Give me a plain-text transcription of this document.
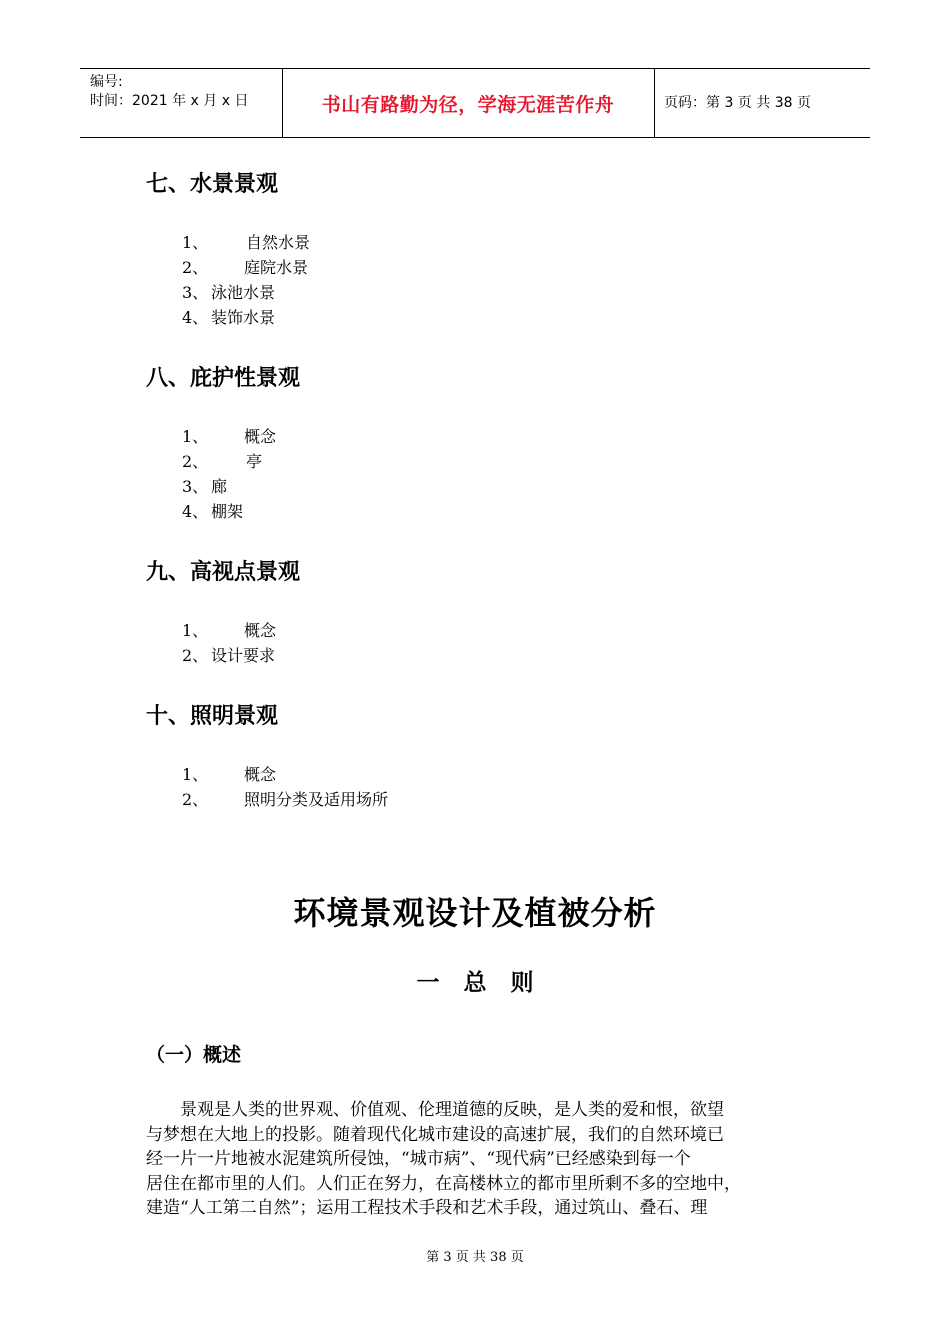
编号:
时间：2021 年 x 月 x 日	书山有路勤为径，学海无涯苦作舟	页码：第 3 页 共 38 页
七、水景景观
1、 自然水景
2、 庭院水景
3、 泳池水景
4、 装饰水景
八、庇护性景观
1、 概念
2、 亭
3、 廊
4、 棚架
九、高视点景观
1、 概念
2、 设计要求
十、照明景观
1、 概念
2、 照明分类及适用场所
环境景观设计及植被分析
一 总 则
（一）概述

　　景观是人类的世界观、价值观、伦理道德的反映，是人类的爱和恨，欲望
与梦想在大地上的投影。随着现代化城市建设的高速扩展，我们的自然环境已
经一片一片地被水泥建筑所侵蚀，“城市病”、“现代病”已经感染到每一个
居住在都市里的人们。人们正在努力，在高楼林立的都市里所剩不多的空地中，
建造“人工第二自然”；运用工程技术手段和艺术手段，通过筑山、叠石、理

第 3 页 共 38 页
